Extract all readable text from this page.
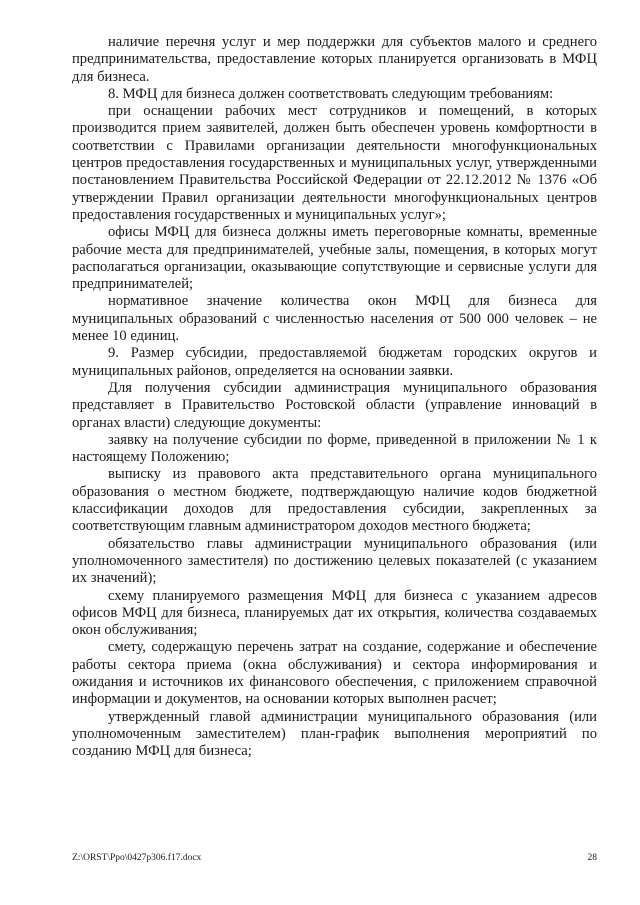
наличие перечня услуг и мер поддержки для субъектов малого и среднего предпринимательства, предоставление которых планируется организовать в МФЦ для бизнеса.

8. МФЦ для бизнеса должен соответствовать следующим требованиям:

при оснащении рабочих мест сотрудников и помещений, в которых производится прием заявителей, должен быть обеспечен уровень комфортности в соответствии с Правилами организации деятельности многофункциональных центров предоставления государственных и муниципальных услуг, утвержденными постановлением Правительства Российской Федерации от 22.12.2012 № 1376 «Об утверждении Правил организации деятельности многофункциональных центров предоставления государственных и муниципальных услуг»;

офисы МФЦ для бизнеса должны иметь переговорные комнаты, временные рабочие места для предпринимателей, учебные залы, помещения, в которых могут располагаться организации, оказывающие сопутствующие и сервисные услуги для предпринимателей;

нормативное значение количества окон МФЦ для бизнеса для муниципальных образований с численностью населения от 500 000 человек – не менее 10 единиц.

9. Размер субсидии, предоставляемой бюджетам городских округов и муниципальных районов, определяется на основании заявки.

Для получения субсидии администрация муниципального образования представляет в Правительство Ростовской области (управление инноваций в органах власти) следующие документы:

заявку на получение субсидии по форме, приведенной в приложении № 1 к настоящему Положению;

выписку из правового акта представительного органа муниципального образования о местном бюджете, подтверждающую наличие кодов бюджетной классификации доходов для предоставления субсидии, закрепленных за соответствующим главным администратором доходов местного бюджета;

обязательство главы администрации муниципального образования (или уполномоченного заместителя) по достижению целевых показателей (с указанием их значений);

схему планируемого размещения МФЦ для бизнеса с указанием адресов офисов МФЦ для бизнеса, планируемых дат их открытия, количества создаваемых окон обслуживания;

смету, содержащую перечень затрат на создание, содержание и обеспечение работы сектора приема (окна обслуживания) и сектора информирования и ожидания и источников их финансового обеспечения, с приложением справочной информации и документов, на основании которых выполнен расчет;

утвержденный главой администрации муниципального образования (или уполномоченным заместителем) план-график выполнения мероприятий по созданию МФЦ для бизнеса;

Z:\ORST\Ppo\0427p306.f17.docx	28
